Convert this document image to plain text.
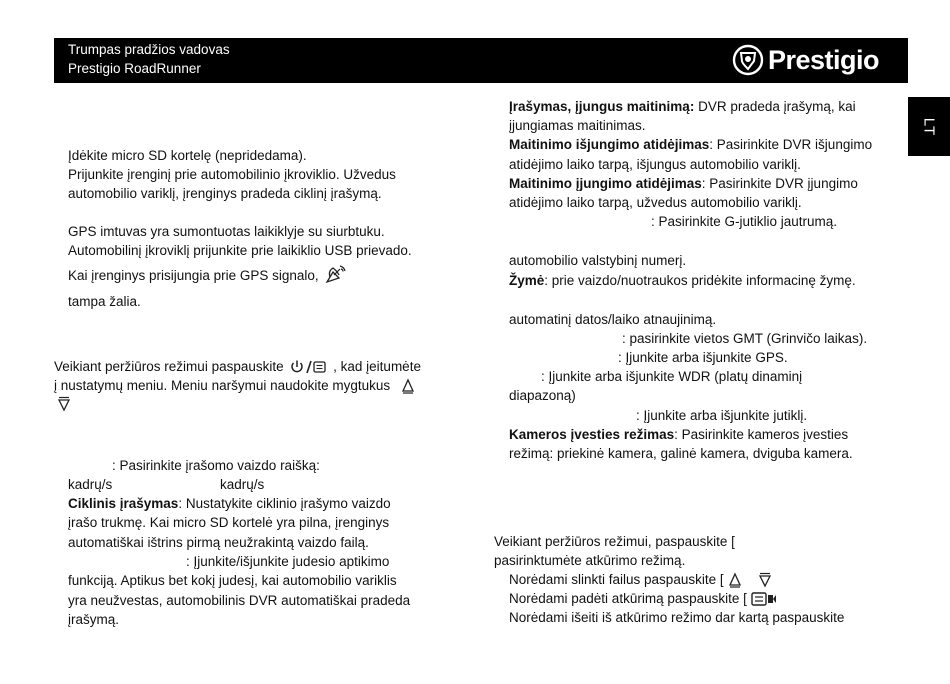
Trumpas pradžios vadovas
Prestigio RoadRunner	Prestigio
LT
Įdėkite micro SD kortelę (nepridedama).
Prijunkite įrenginį prie automobilinio įkroviklio. Užvedus
automobilio variklį, įrenginys pradeda ciklinį įrašymą.
GPS imtuvas yra sumontuotas laikiklyje su siurbtuku.
Automobilinį įkroviklį prijunkite prie laikiklio USB prievado.
Kai įrenginys prisijungia prie GPS signalo,
tampa žalia.
Veikiant peržiūros režimui paspauskite	, kad įeitumėte
į nustatymų meniu. Meniu naršymui naudokite mygtukus
: Pasirinkite įrašomo vaizdo raišką:
kadrų/s	kadrų/s
Ciklinis įrašymas: Nustatykite ciklinio įrašymo vaizdo
įrašo trukmę. Kai micro SD kortelė yra pilna, įrenginys
automatiškai ištrins pirmą neužrakintą vaizdo failą.
: Įjunkite/išjunkite judesio aptikimo
funkciją. Aptikus bet kokį judesį, kai automobilio variklis
yra neužvestas, automobilinis DVR automatiškai pradeda
įrašymą.
Įrašymas, įjungus maitinimą: DVR pradeda įrašymą, kai
įjungiamas maitinimas.
Maitinimo išjungimo atidėjimas: Pasirinkite DVR išjungimo
atidėjimo laiko tarpą, išjungus automobilio variklį.
Maitinimo įjungimo atidėjimas: Pasirinkite DVR įjungimo
atidėjimo laiko tarpą, užvedus automobilio variklį.
: Pasirinkite G-jutiklio jautrumą.
automobilio valstybinį numerį.
Žymė: prie vaizdo/nuotraukos pridėkite informacinę žymę.
automatinį datos/laiko atnaujinimą.
: pasirinkite vietos GMT (Grinvičo laikas).
: Įjunkite arba išjunkite GPS.
: Įjunkite arba išjunkite WDR (platų dinaminį
diapazoną)
: Įjunkite arba išjunkite jutiklį.
Kameros įvesties režimas: Pasirinkite kameros įvesties
režimą: priekinė kamera, galinė kamera, dviguba kamera.
Veikiant peržiūros režimui, paspauskite [
pasirinktumėte atkūrimo režimą.
Norėdami slinkti failus paspauskite [
Norėdami padėti atkūrimą paspauskite [
Norėdami išeiti iš atkūrimo režimo dar kartą paspauskite
